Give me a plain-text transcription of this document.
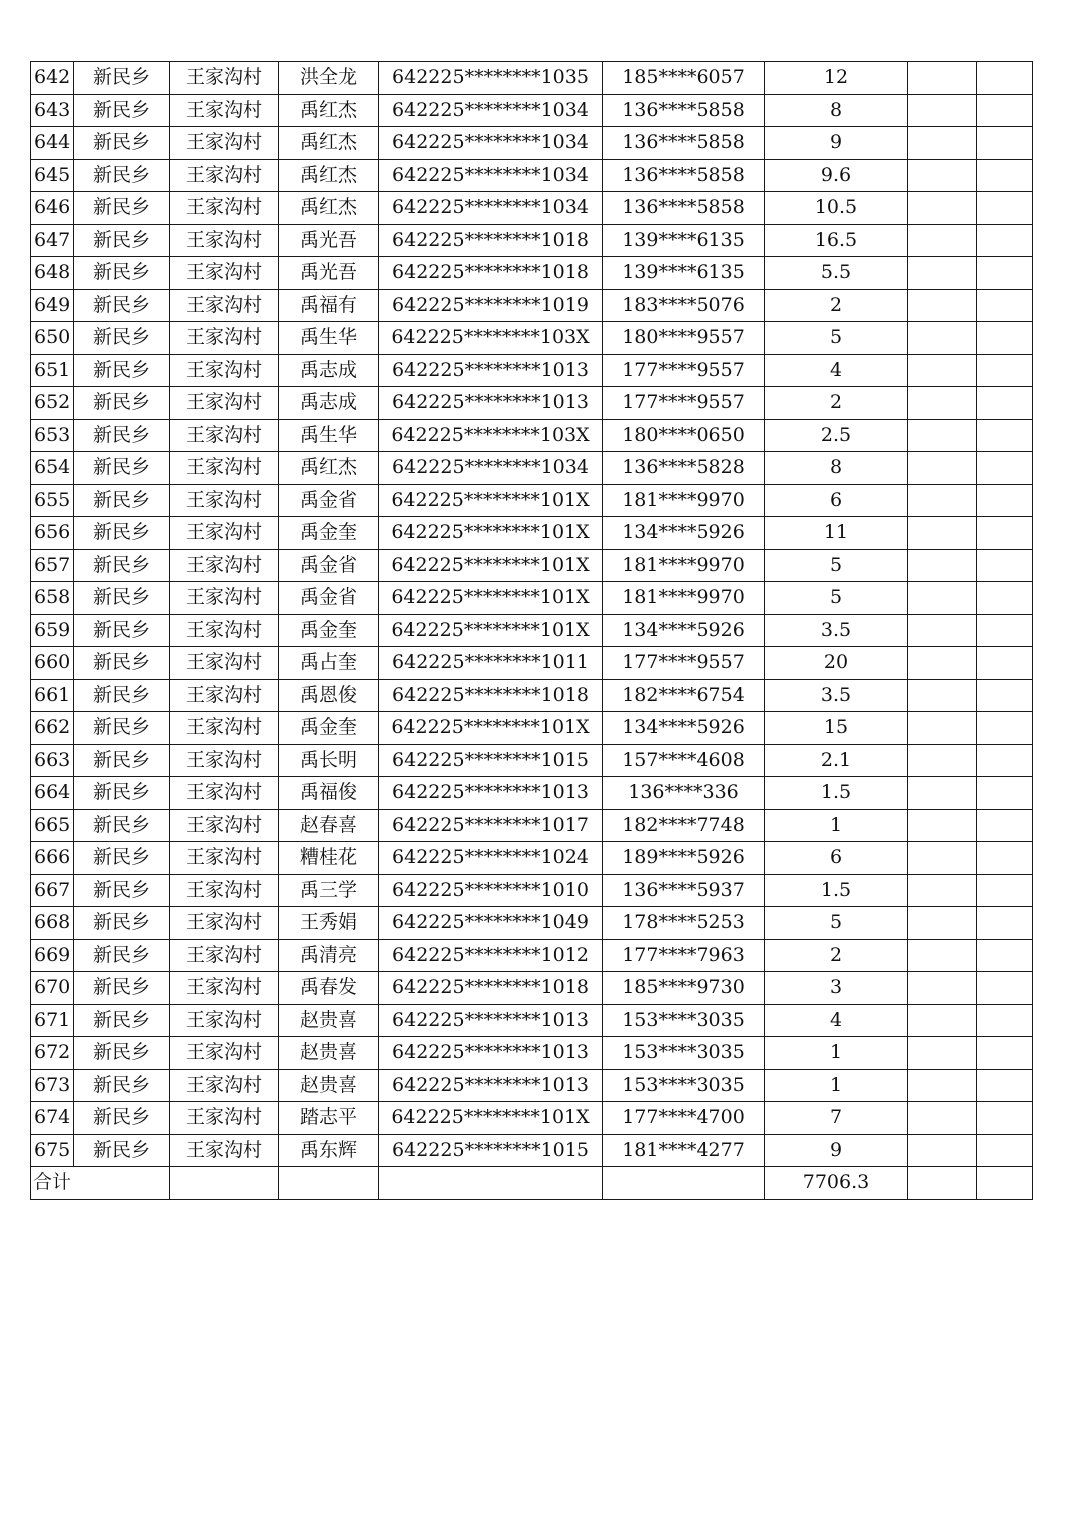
642	新民乡	王家沟村	洪全龙	642225********1035	185****6057	12		
643	新民乡	王家沟村	禹红杰	642225********1034	136****5858	8		
644	新民乡	王家沟村	禹红杰	642225********1034	136****5858	9		
645	新民乡	王家沟村	禹红杰	642225********1034	136****5858	9.6		
646	新民乡	王家沟村	禹红杰	642225********1034	136****5858	10.5		
647	新民乡	王家沟村	禹光吾	642225********1018	139****6135	16.5		
648	新民乡	王家沟村	禹光吾	642225********1018	139****6135	5.5		
649	新民乡	王家沟村	禹福有	642225********1019	183****5076	2		
650	新民乡	王家沟村	禹生华	642225********103X	180****9557	5		
651	新民乡	王家沟村	禹志成	642225********1013	177****9557	4		
652	新民乡	王家沟村	禹志成	642225********1013	177****9557	2		
653	新民乡	王家沟村	禹生华	642225********103X	180****0650	2.5		
654	新民乡	王家沟村	禹红杰	642225********1034	136****5828	8		
655	新民乡	王家沟村	禹金省	642225********101X	181****9970	6		
656	新民乡	王家沟村	禹金奎	642225********101X	134****5926	11		
657	新民乡	王家沟村	禹金省	642225********101X	181****9970	5		
658	新民乡	王家沟村	禹金省	642225********101X	181****9970	5		
659	新民乡	王家沟村	禹金奎	642225********101X	134****5926	3.5		
660	新民乡	王家沟村	禹占奎	642225********1011	177****9557	20		
661	新民乡	王家沟村	禹恩俊	642225********1018	182****6754	3.5		
662	新民乡	王家沟村	禹金奎	642225********101X	134****5926	15		
663	新民乡	王家沟村	禹长明	642225********1015	157****4608	2.1		
664	新民乡	王家沟村	禹福俊	642225********1013	136****336	1.5		
665	新民乡	王家沟村	赵春喜	642225********1017	182****7748	1		
666	新民乡	王家沟村	糟桂花	642225********1024	189****5926	6		
667	新民乡	王家沟村	禹三学	642225********1010	136****5937	1.5		
668	新民乡	王家沟村	王秀娟	642225********1049	178****5253	5		
669	新民乡	王家沟村	禹清亮	642225********1012	177****7963	2		
670	新民乡	王家沟村	禹春发	642225********1018	185****9730	3		
671	新民乡	王家沟村	赵贵喜	642225********1013	153****3035	4		
672	新民乡	王家沟村	赵贵喜	642225********1013	153****3035	1		
673	新民乡	王家沟村	赵贵喜	642225********1013	153****3035	1		
674	新民乡	王家沟村	踏志平	642225********101X	177****4700	7		
675	新民乡	王家沟村	禹东辉	642225********1015	181****4277	9		
合计						7706.3		
